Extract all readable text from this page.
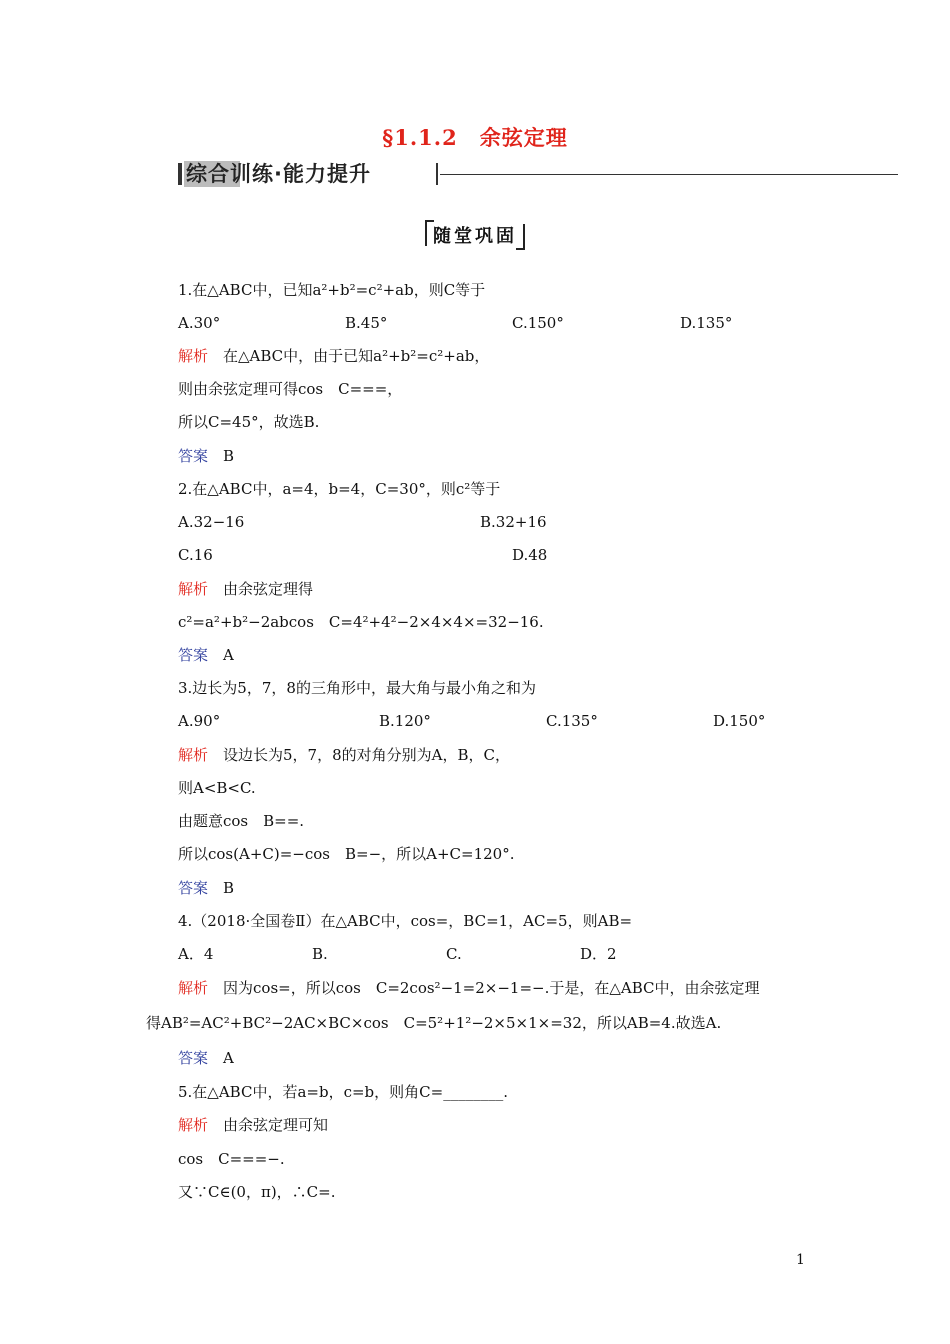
§1.1.2　余弦定理
综合训练·能力提升
随堂巩固
1.在△ABC中，已知a²+b²=c²+ab，则C等于
A.30°	B.45°	C.150°	D.135°
解析　在△ABC中，由于已知a²+b²=c²+ab，
则由余弦定理可得cos　C===，
所以C=45°，故选B.
答案　B
2.在△ABC中，a=4，b=4，C=30°，则c²等于
A.32−16	B.32+16
C.16	D.48
解析　由余弦定理得
c²=a²+b²−2abcos　C=4²+4²−2×4×4×=32−16.
答案　A
3.边长为5，7，8的三角形中，最大角与最小角之和为
A.90°	B.120°	C.135°	D.150°
解析　设边长为5，7，8的对角分别为A，B，C，
则A<B<C.
由题意cos　B==.
所以cos(A+C)=−cos　B=−，所以A+C=120°.
答案　B
4.（2018·全国卷Ⅱ）在△ABC中，cos=，BC=1，AC=5，则AB=
A．4	B.	C.	D．2
解析　因为cos=，所以cos　C=2cos²−1=2×−1=−.于是，在△ABC中，由余弦定理
得AB²=AC²+BC²−2AC×BC×cos　C=5²+1²−2×5×1×=32，所以AB=4.故选A.
答案　A
5.在△ABC中，若a=b，c=b，则角C=________.
解析　由余弦定理可知
cos　C===−.
又∵C∈(0，π)，∴C=.
1
